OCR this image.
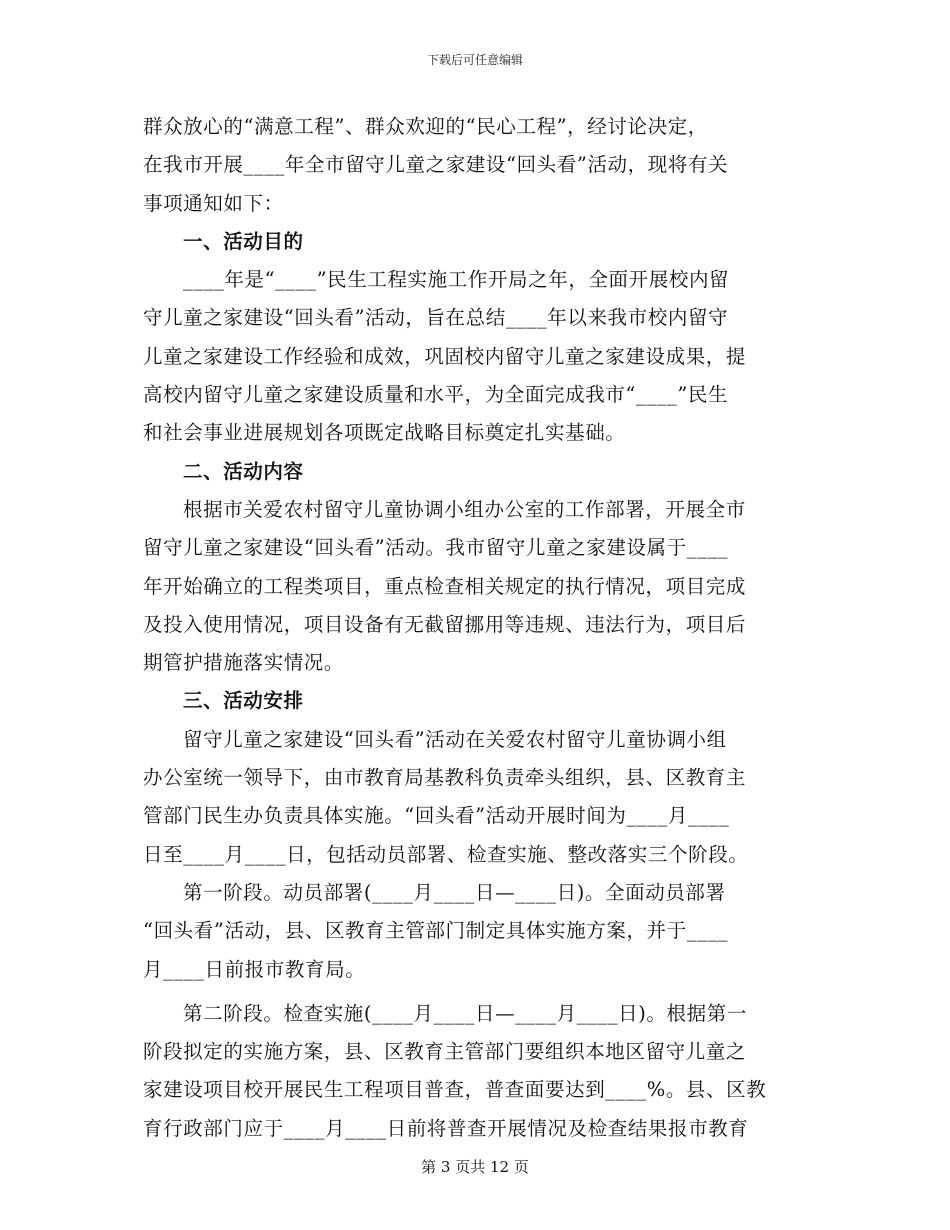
下载后可任意编辑
群众放心的“满意工程”、群众欢迎的“民心工程”，经讨论决定，
在我市开展____年全市留守儿童之家建设“回头看”活动，现将有关
事项通知如下：
一、活动目的
____年是“____”民生工程实施工作开局之年，全面开展校内留
守儿童之家建设“回头看”活动，旨在总结____年以来我市校内留守
儿童之家建设工作经验和成效，巩固校内留守儿童之家建设成果，提
高校内留守儿童之家建设质量和水平，为全面完成我市“____”民生
和社会事业进展规划各项既定战略目标奠定扎实基础。
二、活动内容
根据市关爱农村留守儿童协调小组办公室的工作部署，开展全市
留守儿童之家建设“回头看”活动。我市留守儿童之家建设属于____
年开始确立的工程类项目，重点检查相关规定的执行情况，项目完成
及投入使用情况，项目设备有无截留挪用等违规、违法行为，项目后
期管护措施落实情况。
三、活动安排
留守儿童之家建设“回头看”活动在关爱农村留守儿童协调小组
办公室统一领导下，由市教育局基教科负责牵头组织，县、区教育主
管部门民生办负责具体实施。“回头看”活动开展时间为____月____
日至____月____日，包括动员部署、检查实施、整改落实三个阶段。
第一阶段。动员部署(____月____日—____日)。全面动员部署
“回头看”活动，县、区教育主管部门制定具体实施方案，并于____
月____日前报市教育局。
第二阶段。检查实施(____月____日—____月____日)。根据第一
阶段拟定的实施方案，县、区教育主管部门要组织本地区留守儿童之
家建设项目校开展民生工程项目普查，普查面要达到____%。县、区教
育行政部门应于____月____日前将普查开展情况及检查结果报市教育
第 3 页共 12 页
